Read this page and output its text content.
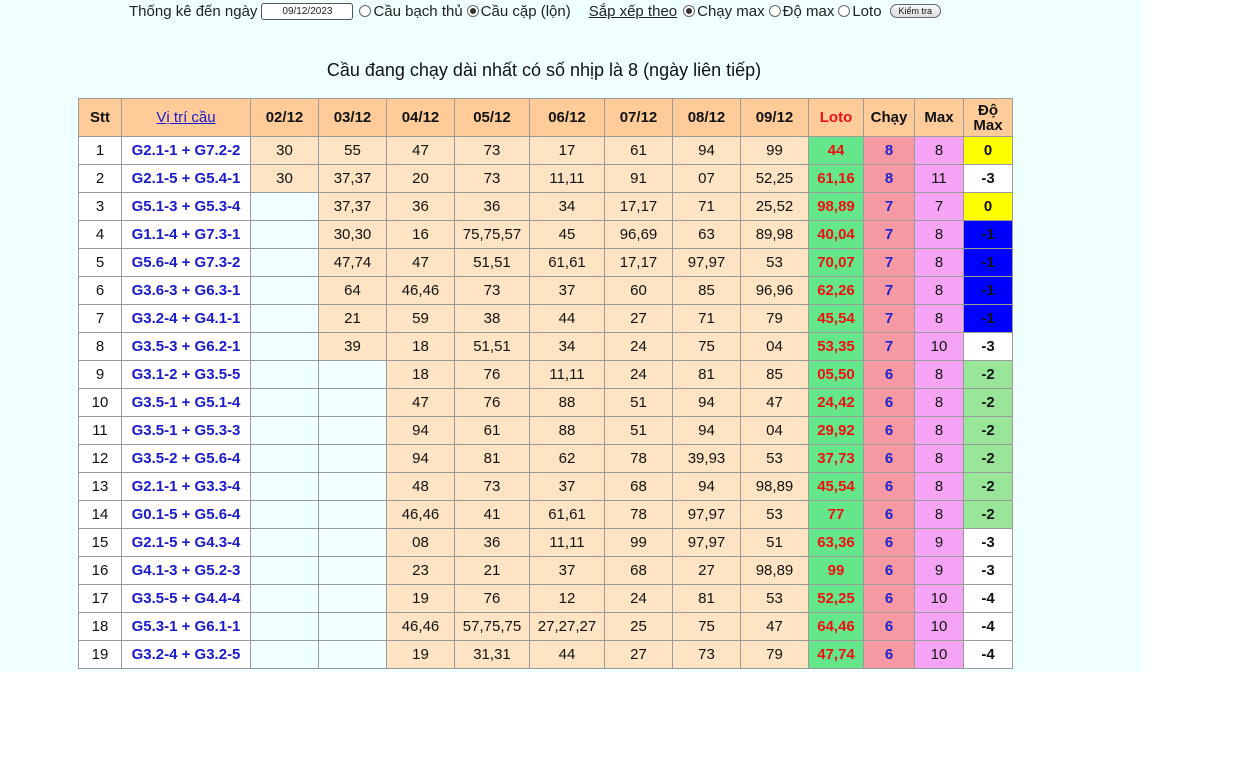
Thống kê đến ngày
09/12/2023	Cầu bạch thủ Cầu cặp (lộn) Sắp xếp theo Chạy max Độ max Loto	Kiểm tra
Cầu đang chạy dài nhất có số nhịp là 8 (ngày liên tiếp)
Stt	Vị trí cầu	02/12	03/12	04/12	05/12	06/12	07/12	08/12	09/12	Loto	Chạy	Max	Độ
Max
1	G2.1-1 + G7.2-2	30	55	47	73	17	61	94	99	44	8	8	0
2	G2.1-5 + G5.4-1	30	37,37	20	73	11,11	91	07	52,25	61,16	8	11	-3
3	G5.1-3 + G5.3-4		37,37	36	36	34	17,17	71	25,52	98,89	7	7	0
4	G1.1-4 + G7.3-1		30,30	16	75,75,57	45	96,69	63	89,98	40,04	7	8	-1
5	G5.6-4 + G7.3-2		47,74	47	51,51	61,61	17,17	97,97	53	70,07	7	8	-1
6	G3.6-3 + G6.3-1		64	46,46	73	37	60	85	96,96	62,26	7	8	-1
7	G3.2-4 + G4.1-1		21	59	38	44	27	71	79	45,54	7	8	-1
8	G3.5-3 + G6.2-1		39	18	51,51	34	24	75	04	53,35	7	10	-3
9	G3.1-2 + G3.5-5			18	76	11,11	24	81	85	05,50	6	8	-2
10	G3.5-1 + G5.1-4			47	76	88	51	94	47	24,42	6	8	-2
11	G3.5-1 + G5.3-3			94	61	88	51	94	04	29,92	6	8	-2
12	G3.5-2 + G5.6-4			94	81	62	78	39,93	53	37,73	6	8	-2
13	G2.1-1 + G3.3-4			48	73	37	68	94	98,89	45,54	6	8	-2
14	G0.1-5 + G5.6-4			46,46	41	61,61	78	97,97	53	77	6	8	-2
15	G2.1-5 + G4.3-4			08	36	11,11	99	97,97	51	63,36	6	9	-3
16	G4.1-3 + G5.2-3			23	21	37	68	27	98,89	99	6	9	-3
17	G3.5-5 + G4.4-4			19	76	12	24	81	53	52,25	6	10	-4
18	G5.3-1 + G6.1-1			46,46	57,75,75	27,27,27	25	75	47	64,46	6	10	-4
19	G3.2-4 + G3.2-5			19	31,31	44	27	73	79	47,74	6	10	-4
